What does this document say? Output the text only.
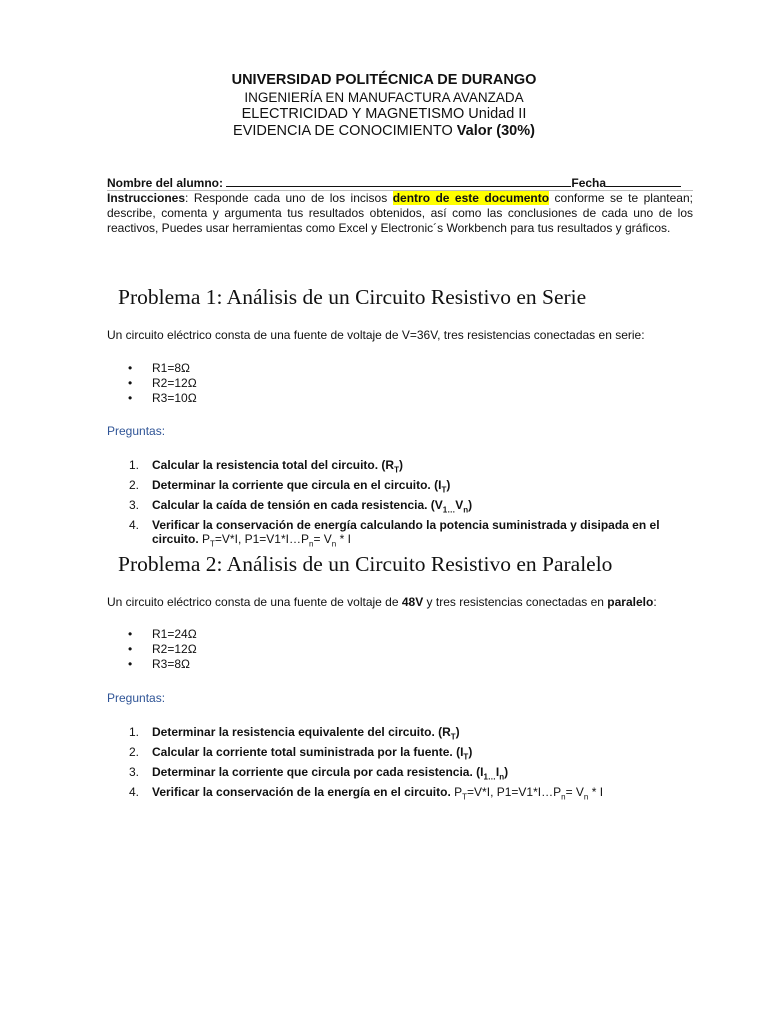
UNIVERSIDAD POLITÉCNICA DE DURANGO
INGENIERÍA EN MANUFACTURA AVANZADA
ELECTRICIDAD Y MAGNETISMO Unidad II
EVIDENCIA DE CONOCIMIENTO Valor (30%)
Nombre del alumno:	Fecha
Instrucciones: Responde cada uno de los incisos dentro de este documento conforme se te plantean; describe, comenta y argumenta tus resultados obtenidos, así como las conclusiones de cada uno de los reactivos, Puedes usar herramientas como Excel y Electronic´s Workbench para tus resultados y gráficos.
Problema 1: Análisis de un Circuito Resistivo en Serie
Un circuito eléctrico consta de una fuente de voltaje de V=36V, tres resistencias conectadas en serie:
• R1=8Ω
• R2=12Ω
• R3=10Ω
Preguntas:
1. Calcular la resistencia total del circuito. $(R_T)$
2. Determinar la corriente que circula en el circuito. $(I_T)$
3. Calcular la caída de tensión en cada resistencia. $(V_{1\dots}V_n)$
4. Verificar la conservación de energía calculando la potencia suministrada y disipada en el circuito. $P_T=V*I$, $P1=V1*I\dots P_n= V_n * I$
Problema 2: Análisis de un Circuito Resistivo en Paralelo
Un circuito eléctrico consta de una fuente de voltaje de 48V y tres resistencias conectadas en paralelo:
• R1=24Ω
• R2=12Ω
• R3=8Ω
Preguntas:
1. Determinar la resistencia equivalente del circuito. $(R_T)$
2. Calcular la corriente total suministrada por la fuente. $(I_T)$
3. Determinar la corriente que circula por cada resistencia. $(I_{1\dots}I_n)$
4. Verificar la conservación de la energía en el circuito. $P_T=V*I$, $P1=V1*I\dots P_n= V_n * I$
